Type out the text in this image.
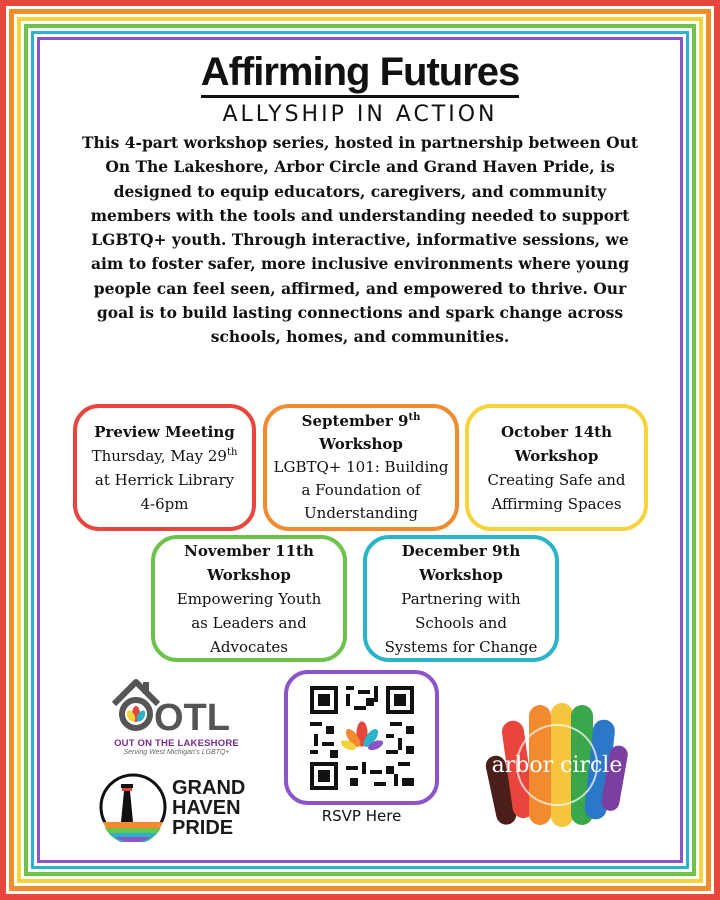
Affirming Futures
ALLYSHIP IN ACTION
This 4-part workshop series, hosted in partnership between Out On The Lakeshore, Arbor Circle and Grand Haven Pride, is designed to equip educators, caregivers, and community members with the tools and understanding needed to support LGBTQ+ youth. Through interactive, informative sessions, we aim to foster safer, more inclusive environments where young people can feel seen, affirmed, and empowered to thrive. Our goal is to build lasting connections and spark change across schools, homes, and communities.
Preview Meeting
Thursday, May 29th
at Herrick Library
4-6pm
September 9th
Workshop
LGBTQ+ 101: Building
a Foundation of
Understanding
October 14th
Workshop
Creating Safe and
Affirming Spaces
November 11th
Workshop
Empowering Youth
as Leaders and
Advocates
December 9th
Workshop
Partnering with
Schools and
Systems for Change
OTL
OUT ON THE LAKESHORE
Serving West Michigan's LGBTQ+
GRAND
HAVEN
PRIDE
RSVP Here
arbor circle
